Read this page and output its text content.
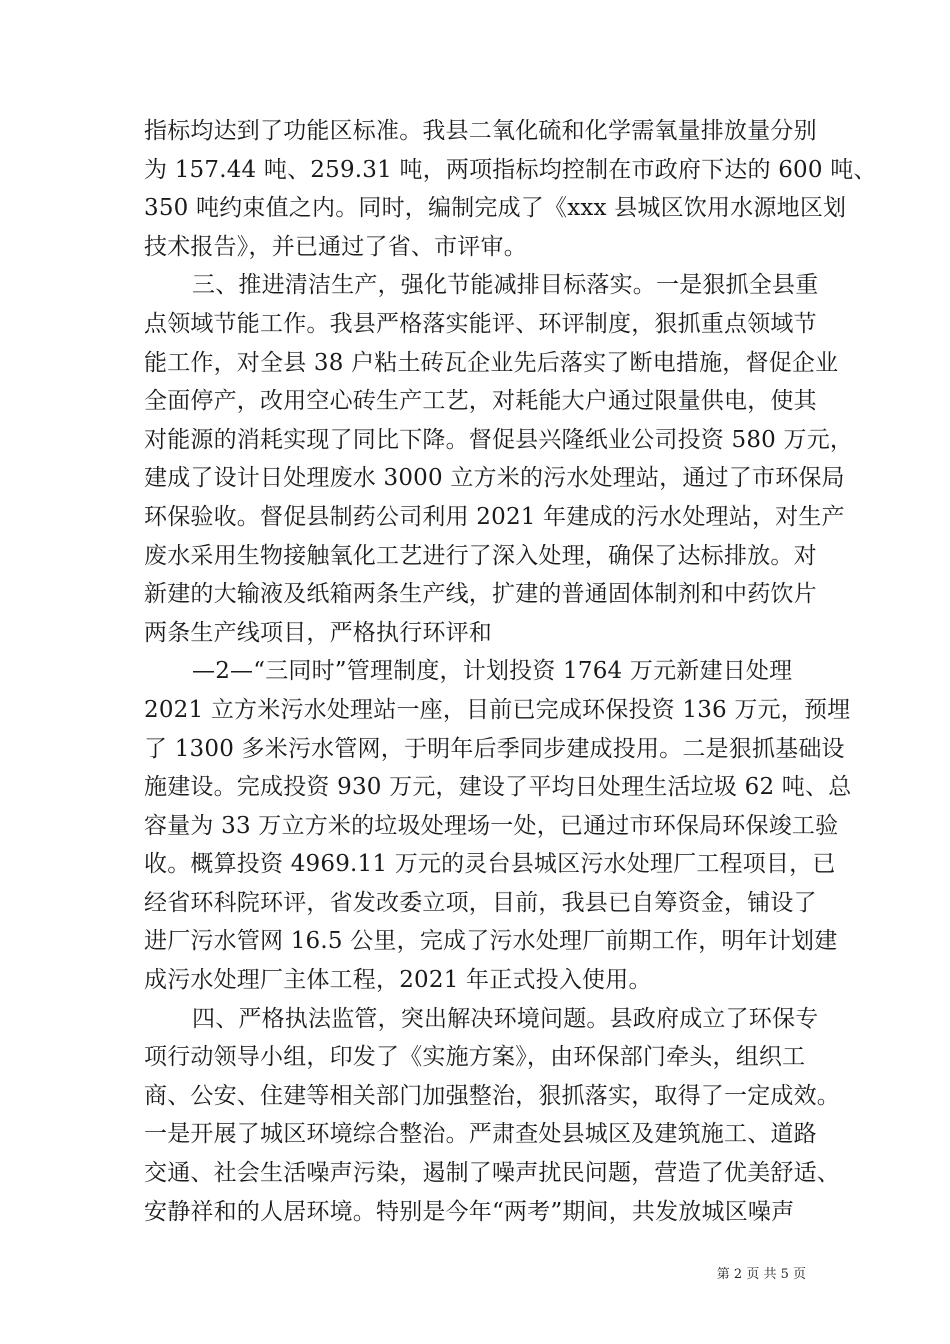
指标均达到了功能区标准。我县二氧化硫和化学需氧量排放量分别
为 157.44 吨、259.31 吨，两项指标均控制在市政府下达的 600 吨、
350 吨约束值之内。同时，编制完成了《xxx 县城区饮用水源地区划
技术报告》，并已通过了省、市评审。
三、推进清洁生产，强化节能减排目标落实。一是狠抓全县重
点领域节能工作。我县严格落实能评、环评制度，狠抓重点领域节
能工作，对全县 38 户粘土砖瓦企业先后落实了断电措施，督促企业
全面停产，改用空心砖生产工艺，对耗能大户通过限量供电，使其
对能源的消耗实现了同比下降。督促县兴隆纸业公司投资 580 万元，
建成了设计日处理废水 3000 立方米的污水处理站，通过了市环保局
环保验收。督促县制药公司利用 2021 年建成的污水处理站，对生产
废水采用生物接触氧化工艺进行了深入处理，确保了达标排放。对
新建的大输液及纸箱两条生产线，扩建的普通固体制剂和中药饮片
两条生产线项目，严格执行环评和
—2—“三同时”管理制度，计划投资 1764 万元新建日处理
2021 立方米污水处理站一座，目前已完成环保投资 136 万元，预埋
了 1300 多米污水管网，于明年后季同步建成投用。二是狠抓基础设
施建设。完成投资 930 万元，建设了平均日处理生活垃圾 62 吨、总
容量为 33 万立方米的垃圾处理场一处，已通过市环保局环保竣工验
收。概算投资 4969.11 万元的灵台县城区污水处理厂工程项目，已
经省环科院环评，省发改委立项，目前，我县已自筹资金，铺设了
进厂污水管网 16.5 公里，完成了污水处理厂前期工作，明年计划建
成污水处理厂主体工程，2021 年正式投入使用。
四、严格执法监管，突出解决环境问题。县政府成立了环保专
项行动领导小组，印发了《实施方案》，由环保部门牵头，组织工
商、公安、住建等相关部门加强整治，狠抓落实，取得了一定成效。
一是开展了城区环境综合整治。严肃查处县城区及建筑施工、道路
交通、社会生活噪声污染，遏制了噪声扰民问题，营造了优美舒适、
安静祥和的人居环境。特别是今年“两考”期间，共发放城区噪声
第 2 页 共 5 页
